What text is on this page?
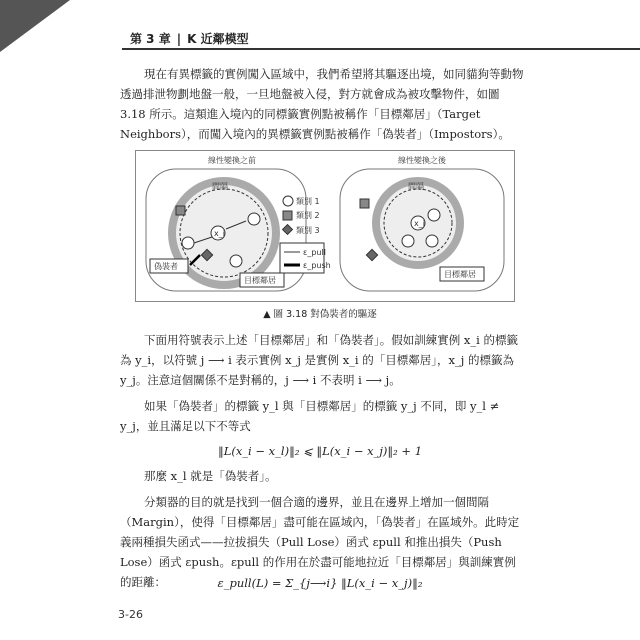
第 3 章 | K 近鄰模型

現在有異標籤的實例闖入區域中，我們希望將其驅逐出境，如同貓狗等動物透過排泄物劃地盤一般，一旦地盤被入侵，對方就會成為被攻擊物件，如圖 3.18 所示。這類進入境內的同標籤實例點被稱作「目標鄰居」（Target Neighbors），而闖入境內的異標籤實例點被稱作「偽裝者」（Impostors）。

線性變換之前
間隔
x_i
偽裝者
目標鄰居
類別 1
類別 2
類別 3
ε_pull
ε_push
線性變換之後
間隔
x_i
目標鄰居
▲ 圖 3.18 對偽裝者的驅逐

下面用符號表示上述「目標鄰居」和「偽裝者」。假如訓練實例 x_i 的標籤為 y_i，以符號 j ⟶ i 表示實例 x_j 是實例 x_i 的「目標鄰居」，x_j 的標籤為 y_j。注意這個關係不是對稱的，j ⟶ i 不表明 i ⟶ j。

如果「偽裝者」的標籤 y_l 與「目標鄰居」的標籤 y_j 不同，即 y_l ≠ y_j，並且滿足以下不等式

‖L(x_i − x_l)‖₂ ⩽ ‖L(x_i − x_j)‖₂ + 1

那麼 x_l 就是「偽裝者」。

分類器的目的就是找到一個合適的邊界，並且在邊界上增加一個間隔（Margin），使得「目標鄰居」盡可能在區域內，「偽裝者」在區域外。此時定義兩種損失函式——拉拔損失（Pull Lose）函式 εpull 和推出損失（Push Lose）函式 εpush。εpull 的作用在於盡可能地拉近「目標鄰居」與訓練實例的距離：	ε_pull(L) = Σ_{j⟶i} ‖L(x_i − x_j)‖₂
3-26
